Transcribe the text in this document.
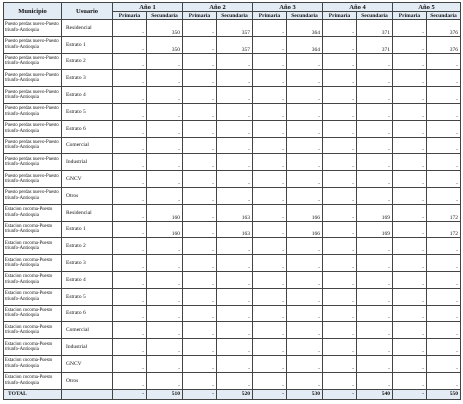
Municipio	Usuario	Año 1		Año 2		Año 3		Año 4		Año 5	
		Primaria	Secundaria	Primaria	Secundaria	Primaria	Secundaria	Primaria	Secundaria	Primaria	Secundaria
Puesto perdas nuevo-Puesto triunfo-Antioquia	Residencial	-	350	-	357	-	364	-	371	-	376
Puesto perdas nuevo-Puesto triunfo-Antioquia	Estrato 1	-	350	-	357	-	364	-	371	-	376
Puesto perdas nuevo-Puesto triunfo-Antioquia	Estrato 2	-	-	-	-	-	-	-	-	-	-
Puesto perdas nuevo-Puesto triunfo-Antioquia	Estrato 3	-	-	-	-	-	-	-	-	-	-
Puesto perdas nuevo-Puesto triunfo-Antioquia	Estrato 4	-	-	-	-	-	-	-	-	-	-
Puesto perdas nuevo-Puesto triunfo-Antioquia	Estrato 5	-	-	-	-	-	-	-	-	-	-
Puesto perdas nuevo-Puesto triunfo-Antioquia	Estrato 6	-	-	-	-	-	-	-	-	-	-
Puesto perdas nuevo-Puesto triunfo-Antioquia	Comercial	-	-	-	-	-	-	-	-	-	-
Puesto perdas nuevo-Puesto triunfo-Antioquia	Industrial	-	-	-	-	-	-	-	-	-	-
Puesto perdas nuevo-Puesto triunfo-Antioquia	GNCV	-	-	-	-	-	-	-	-	-	-
Puesto perdas nuevo-Puesto triunfo-Antioquia	Otros	-	-	-	-	-	-	-	-	-	-
Estacion cocorna-Puesto triunfo-Antioquia	Residencial	-	160	-	163	-	166	-	169	-	172
Estacion cocorna-Puesto triunfo-Antioquia	Estrato 1	-	160	-	163	-	166	-	169	-	172
Estacion cocorna-Puesto triunfo-Antioquia	Estrato 2	-	-	-	-	-	-	-	-	-	-
Estacion cocorna-Puesto triunfo-Antioquia	Estrato 3	-	-	-	-	-	-	-	-	-	-
Estacion cocorna-Puesto triunfo-Antioquia	Estrato 4	-	-	-	-	-	-	-	-	-	-
Estacion cocorna-Puesto triunfo-Antioquia	Estrato 5	-	-	-	-	-	-	-	-	-	-
Estacion cocorna-Puesto triunfo-Antioquia	Estrato 6	-	-	-	-	-	-	-	-	-	-
Estacion cocorna-Puesto triunfo-Antioquia	Comercial	-	-	-	-	-	-	-	-	-	-
Estacion cocorna-Puesto triunfo-Antioquia	Industrial	-	-	-	-	-	-	-	-	-	-
Estacion cocorna-Puesto triunfo-Antioquia	GNCV	-	-	-	-	-	-	-	-	-	-
Estacion cocorna-Puesto triunfo-Antioquia	Otros	-	-	-	-	-	-	-	-	-	-
TOTAL		-	510	-	520	-	530	-	540	-	550
